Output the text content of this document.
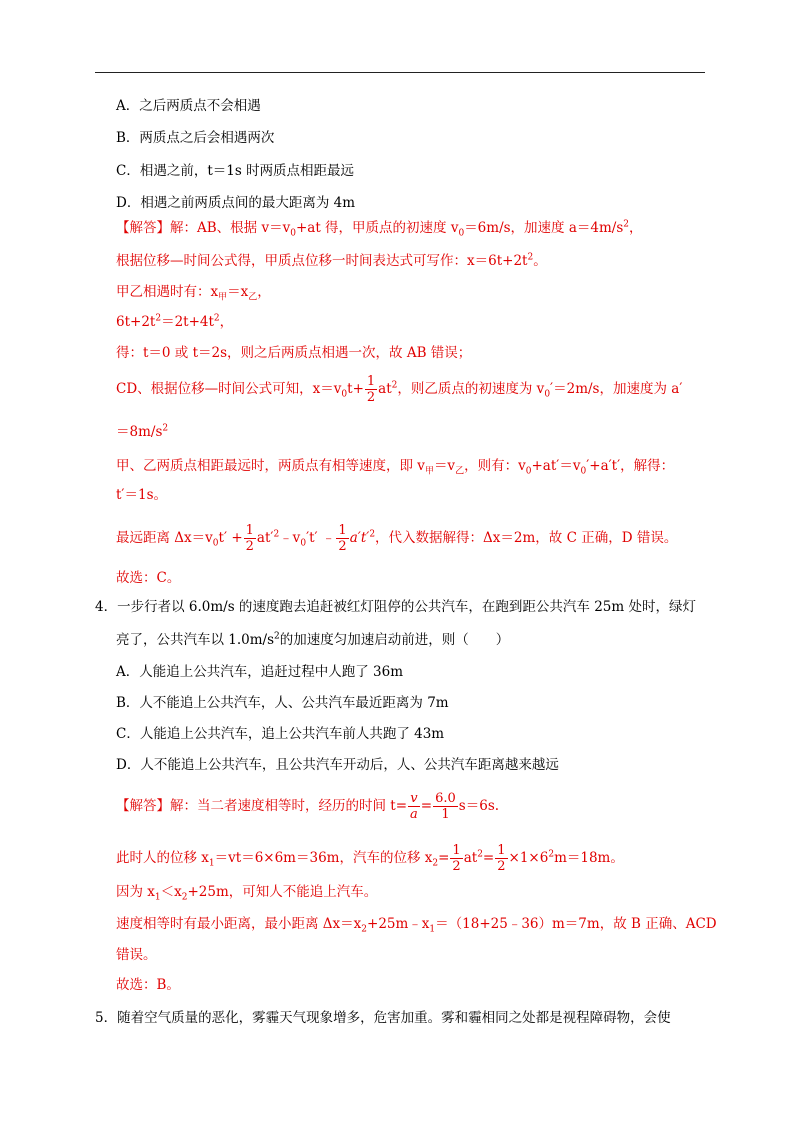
A．之后两质点不会相遇
B．两质点之后会相遇两次
C．相遇之前，t＝1s 时两质点相距最远
D．相遇之前两质点间的最大距离为 4m
【解答】解：AB、根据 $v=v_0+at$ 得，甲质点的初速度 $v_0=6m/s$，加速度 $a=4m/s^2$，
根据位移—时间公式得，甲质点位移一时间表达式可写作：$x=6t+2t^2$。
甲乙相遇时有：$x_甲=x_乙$，
$6t+2t^2=2t+4t^2$，
得：t＝0 或 t＝2s，则之后两质点相遇一次，故 AB 错误；
CD、根据位移—时间公式可知，$x=v_0t+ \frac{1}{2} at^2$，则乙质点的初速度为 $v_0'=2m/s$，加速度为 a′
$=8m/s^2$
甲、乙两质点相距最远时，两质点有相等速度，即 $v_甲=v_乙$，则有：$v_0+at'=v_0'+a't'$，解得：
t′＝1s。
最远距离 $\Delta x=v_0t' + \frac{1}{2}$ $at'^2﹣v_0't'$ ﹣ $\frac{1}{2} a't'^2$，代入数据解得：Δx＝2m，故 C 正确，D 错误。
故选：C。
4．一步行者以 6.0m/s 的速度跑去追赶被红灯阻停的公共汽车，在跑到距公共汽车 25m 处时，绿灯
亮了，公共汽车以 $1.0m/s^2$的加速度匀加速启动前进，则（　　）
A．人能追上公共汽车，追赶过程中人跑了 36m
B．人不能追上公共汽车，人、公共汽车最近距离为 7m
C．人能追上公共汽车，追上公共汽车前人共跑了 43m
D．人不能追上公共汽车，且公共汽车开动后，人、公共汽车距离越来越远
【解答】解：当二者速度相等时，经历的时间 $t= \frac{v}{a} = \frac{6.0}{1} s=6s$.
此时人的位移 $x_1=vt=6\times 6m=36m$，汽车的位移 $x_2= \frac{1}{2} at^2= \frac{1}{2} \times 1\times 6^2m=18m$。
因为 $x_1<x_2+25m$，可知人不能追上汽车。
速度相等时有最小距离，最小距离 $\Delta x=x_2+25m﹣x_1=(18+25﹣36)m=7m$，故 B 正确、ACD
错误。
故选：B。
5．随着空气质量的恶化，雾霾天气现象增多，危害加重。雾和霾相同之处都是视程障碍物，会使
